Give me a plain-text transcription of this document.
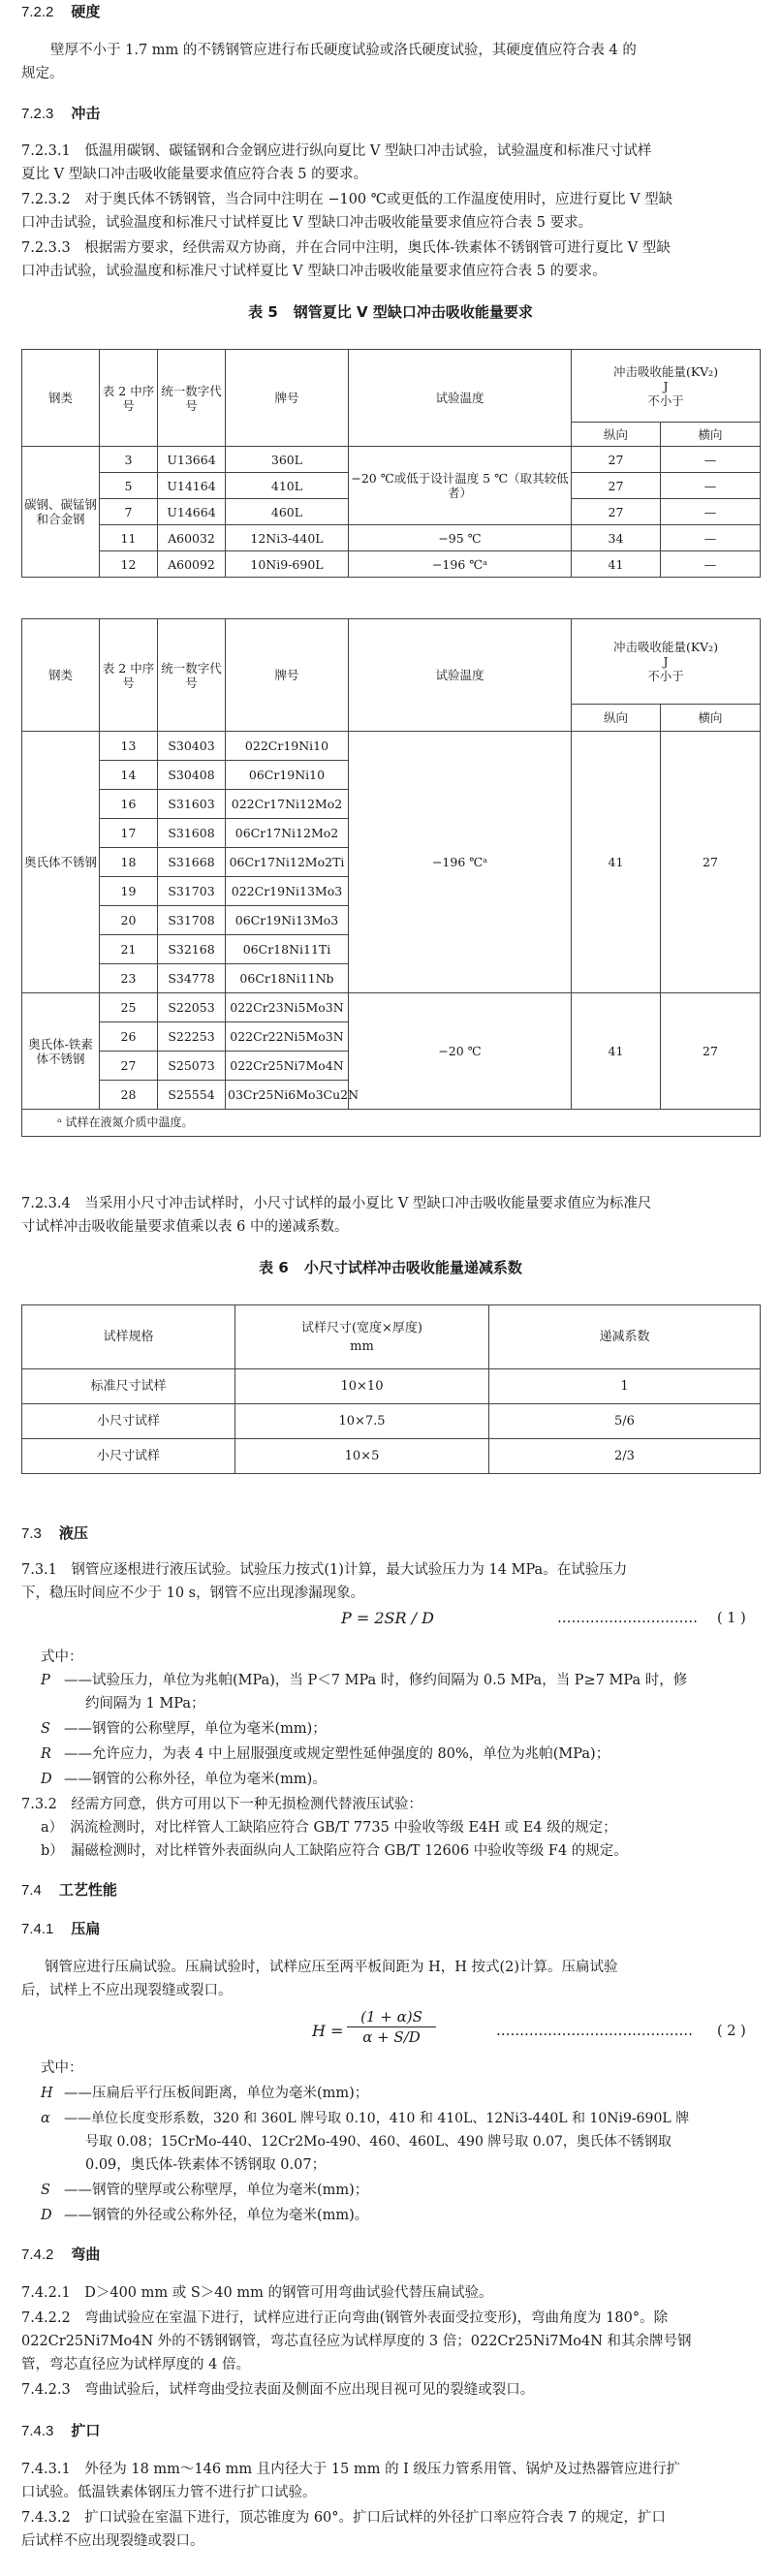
7.2.2 硬度
壁厚不小于 1.7 mm 的不锈钢管应进行布氏硬度试验或洛氏硬度试验，其硬度值应符合表 4 的
规定。
7.2.3 冲击
7.2.3.1　低温用碳钢、碳锰钢和合金钢应进行纵向夏比 V 型缺口冲击试验，试验温度和标准尺寸试样
夏比 V 型缺口冲击吸收能量要求值应符合表 5 的要求。
7.2.3.2　对于奥氏体不锈钢管，当合同中注明在 −100 ℃或更低的工作温度使用时，应进行夏比 V 型缺
口冲击试验，试验温度和标准尺寸试样夏比 V 型缺口冲击吸收能量要求值应符合表 5 要求。
7.2.3.3　根据需方要求，经供需双方协商，并在合同中注明，奥氏体-铁素体不锈钢管可进行夏比 V 型缺
口冲击试验，试验温度和标准尺寸试样夏比 V 型缺口冲击吸收能量要求值应符合表 5 的要求。
表 5 钢管夏比 V 型缺口冲击吸收能量要求
钢类	表 2 中序号	统一数字代号	牌号	试验温度	冲击吸收能量(KV₂)
J
不小于	

					纵向	横向
碳钢、碳锰钢和合金钢	3	U13664	360L	−20 ℃或低于设计温度 5 ℃（取其较低者）	27	—
	5	U14164	410L		27	—
	7	U14664	460L		27	—
	11	A60032	12Ni3-440L	−95 ℃	34	—
	12	A60092	10Ni9-690L	−196 ℃ᵃ	41	—
钢类	表 2 中序号	统一数字代号	牌号	试验温度	冲击吸收能量(KV₂)
J
不小于	

					纵向	横向
奥氏体不锈钢	13	S30403	022Cr19Ni10	−196 ℃ᵃ	41	27
	14	S30408	06Cr19Ni10			
	16	S31603	022Cr17Ni12Mo2			
	17	S31608	06Cr17Ni12Mo2			
	18	S31668	06Cr17Ni12Mo2Ti			
	19	S31703	022Cr19Ni13Mo3			
	20	S31708	06Cr19Ni13Mo3			
	21	S32168	06Cr18Ni11Ti			
	23	S34778	06Cr18Ni11Nb			
奥氏体-铁素体不锈钢	25	S22053	022Cr23Ni5Mo3N	−20 ℃	41	27
	26	S22253	022Cr22Ni5Mo3N			
	27	S25073	022Cr25Ni7Mo4N			
	28	S25554	03Cr25Ni6Mo3Cu2N			
ᵃ 试样在液氮介质中温度。						
7.2.3.4　当采用小尺寸冲击试样时，小尺寸试样的最小夏比 V 型缺口冲击吸收能量要求值应为标准尺
寸试样冲击吸收能量要求值乘以表 6 中的递减系数。
表 6 小尺寸试样冲击吸收能量递减系数
试样规格	试样尺寸(宽度×厚度)
mm	递减系数
标准尺寸试样	10×10	1
小尺寸试样	10×7.5	5/6
小尺寸试样	10×5	2/3
7.3 液压
7.3.1　钢管应逐根进行液压试验。试验压力按式(1)计算，最大试验压力为 14 MPa。在试验压力
下，稳压时间应不少于 10 s，钢管不应出现渗漏现象。
P = 2SR / D	………………………… ( 1 )
式中：
P ——试验压力，单位为兆帕(MPa)，当 P＜7 MPa 时，修约间隔为 0.5 MPa，当 P≥7 MPa 时，修
约间隔为 1 MPa；
S ——钢管的公称壁厚，单位为毫米(mm)；
R ——允许应力，为表 4 中上屈服强度或规定塑性延伸强度的 80%，单位为兆帕(MPa)；
D ——钢管的公称外径，单位为毫米(mm)。
7.3.2　经需方同意，供方可用以下一种无损检测代替液压试验：
a）　涡流检测时，对比样管人工缺陷应符合 GB/T 7735 中验收等级 E4H 或 E4 级的规定；
b）　漏磁检测时，对比样管外表面纵向人工缺陷应符合 GB/T 12606 中验收等级 F4 的规定。
7.4 工艺性能
7.4.1 压扁
钢管应进行压扁试验。压扁试验时，试样应压至两平板间距为 H，H 按式(2)计算。压扁试验
后，试样上不应出现裂缝或裂口。
H =
(1 + α)S
α + S/D	…………………………………… ( 2 )
式中：
H ——压扁后平行压板间距离，单位为毫米(mm)；
α ——单位长度变形系数，320 和 360L 牌号取 0.10，410 和 410L、12Ni3-440L 和 10Ni9-690L 牌
号取 0.08；15CrMo-440、12Cr2Mo-490、460、460L、490 牌号取 0.07，奥氏体不锈钢取
0.09，奥氏体-铁素体不锈钢取 0.07；
S ——钢管的壁厚或公称壁厚，单位为毫米(mm)；
D ——钢管的外径或公称外径，单位为毫米(mm)。
7.4.2 弯曲
7.4.2.1　D＞400 mm 或 S＞40 mm 的钢管可用弯曲试验代替压扁试验。
7.4.2.2　弯曲试验应在室温下进行，试样应进行正向弯曲(钢管外表面受拉变形)，弯曲角度为 180°。除
022Cr25Ni7Mo4N 外的不锈钢钢管，弯芯直径应为试样厚度的 3 倍；022Cr25Ni7Mo4N 和其余牌号钢
管，弯芯直径应为试样厚度的 4 倍。
7.4.2.3　弯曲试验后，试样弯曲受拉表面及侧面不应出现目视可见的裂缝或裂口。
7.4.3 扩口
7.4.3.1　外径为 18 mm～146 mm 且内径大于 15 mm 的 I 级压力管系用管、锅炉及过热器管应进行扩
口试验。低温铁素体钢压力管不进行扩口试验。
7.4.3.2　扩口试验在室温下进行，顶芯锥度为 60°。扩口后试样的外径扩口率应符合表 7 的规定，扩口
后试样不应出现裂缝或裂口。
